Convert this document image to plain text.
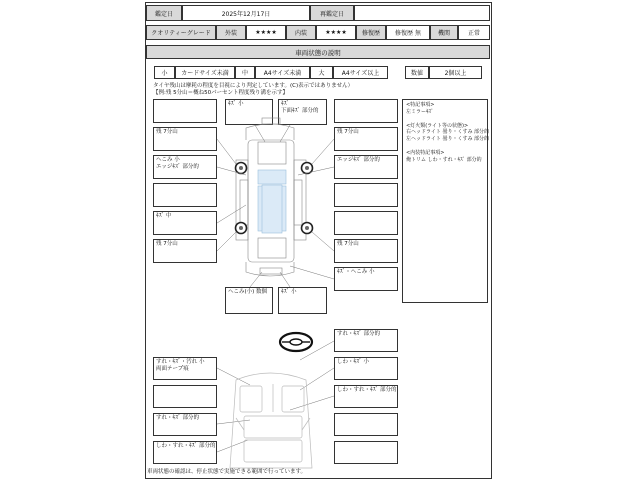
鑑定日	2025年12月17日	再鑑定日
クオリティーグレード	外装	★★★★	内装	★★★★	修復歴	修復歴 無	機関	正常
車両状態の説明
小	カードサイズ未満	中	A4サイズ未満	大	A4サイズ以上	数値	2個以上
タイヤ残山は摩耗の程度を目視により判定しています。(C)表示ではありません）
【例:残 5分山＝概ね50パーセント程度残り溝を示す】
<特記事項>
左ミラーｷｽﾞ
<灯火類(ライト等の状態)>
右ヘッドライト 曇り・くすみ 部分的
左ヘッドライト 曇り・くすみ 部分的
<内装特記事項>
俺トリム しわ・すれ・ｷｽﾞ 部分的
残 7分山
へこみ 小
エッジｷｽﾞ 部分的
ｷｽﾞ 中
残 7分山
ｷｽﾞ 小	ｷｽﾞ
下面ｷｽﾞ 部分的
残 7分山
エッジｷｽﾞ 部分的
残 7分山
ｷｽﾞ・へこみ 小
へこみ(小) 数個	ｷｽﾞ 小
すれ・ｷｽﾞ 部分的
すれ・ｷｽﾞ・汚れ 小
両面テープ痕
しわ・ｷｽﾞ 小
しわ・すれ・ｷｽﾞ 部分的
すれ・ｷｽﾞ 部分的
しわ・すれ・ｷｽﾞ 部分的
車両状態の確認は、停止状態で実施できる範囲で行っています。
